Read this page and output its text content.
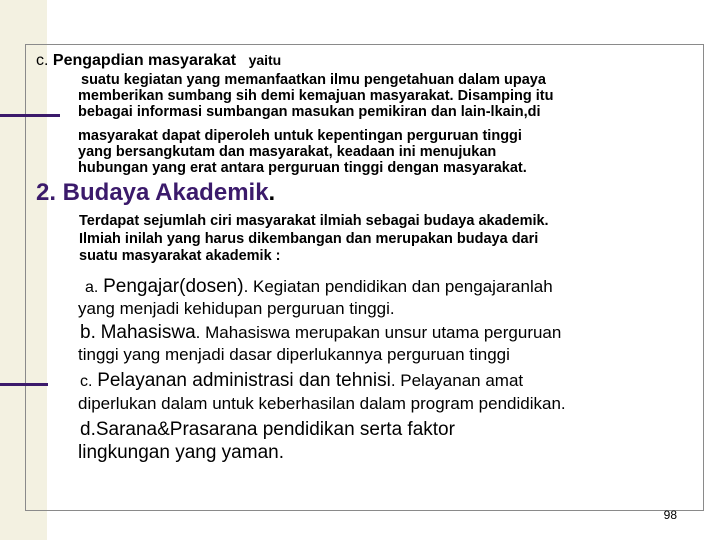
c. Pengapdian masyarakat yaitu
suatu kegiatan yang memanfaatkan ilmu pengetahuan dalam upaya
memberikan sumbang sih demi kemajuan masyarakat. Disamping itu
bebagai informasi sumbangan masukan pemikiran dan lain-lkain,di
masyarakat dapat diperoleh untuk kepentingan perguruan tinggi
yang bersangkutam dan masyarakat, keadaan ini menujukan
hubungan yang erat antara perguruan tinggi dengan masyarakat.
2. Budaya Akademik.
Terdapat sejumlah ciri masyarakat ilmiah sebagai budaya akademik.
Ilmiah inilah yang harus dikembangan dan merupakan budaya dari
suatu masyarakat akademik :
a. Pengajar(dosen). Kegiatan pendidikan dan pengajaranlah
yang menjadi kehidupan perguruan tinggi.
b. Mahasiswa. Mahasiswa merupakan unsur utama perguruan
tinggi yang menjadi dasar diperlukannya perguruan tinggi
c. Pelayanan administrasi dan tehnisi. Pelayanan amat
diperlukan dalam untuk keberhasilan dalam program pendidikan.
d.Sarana&Prasarana pendidikan serta faktor
lingkungan yang yaman.
98
